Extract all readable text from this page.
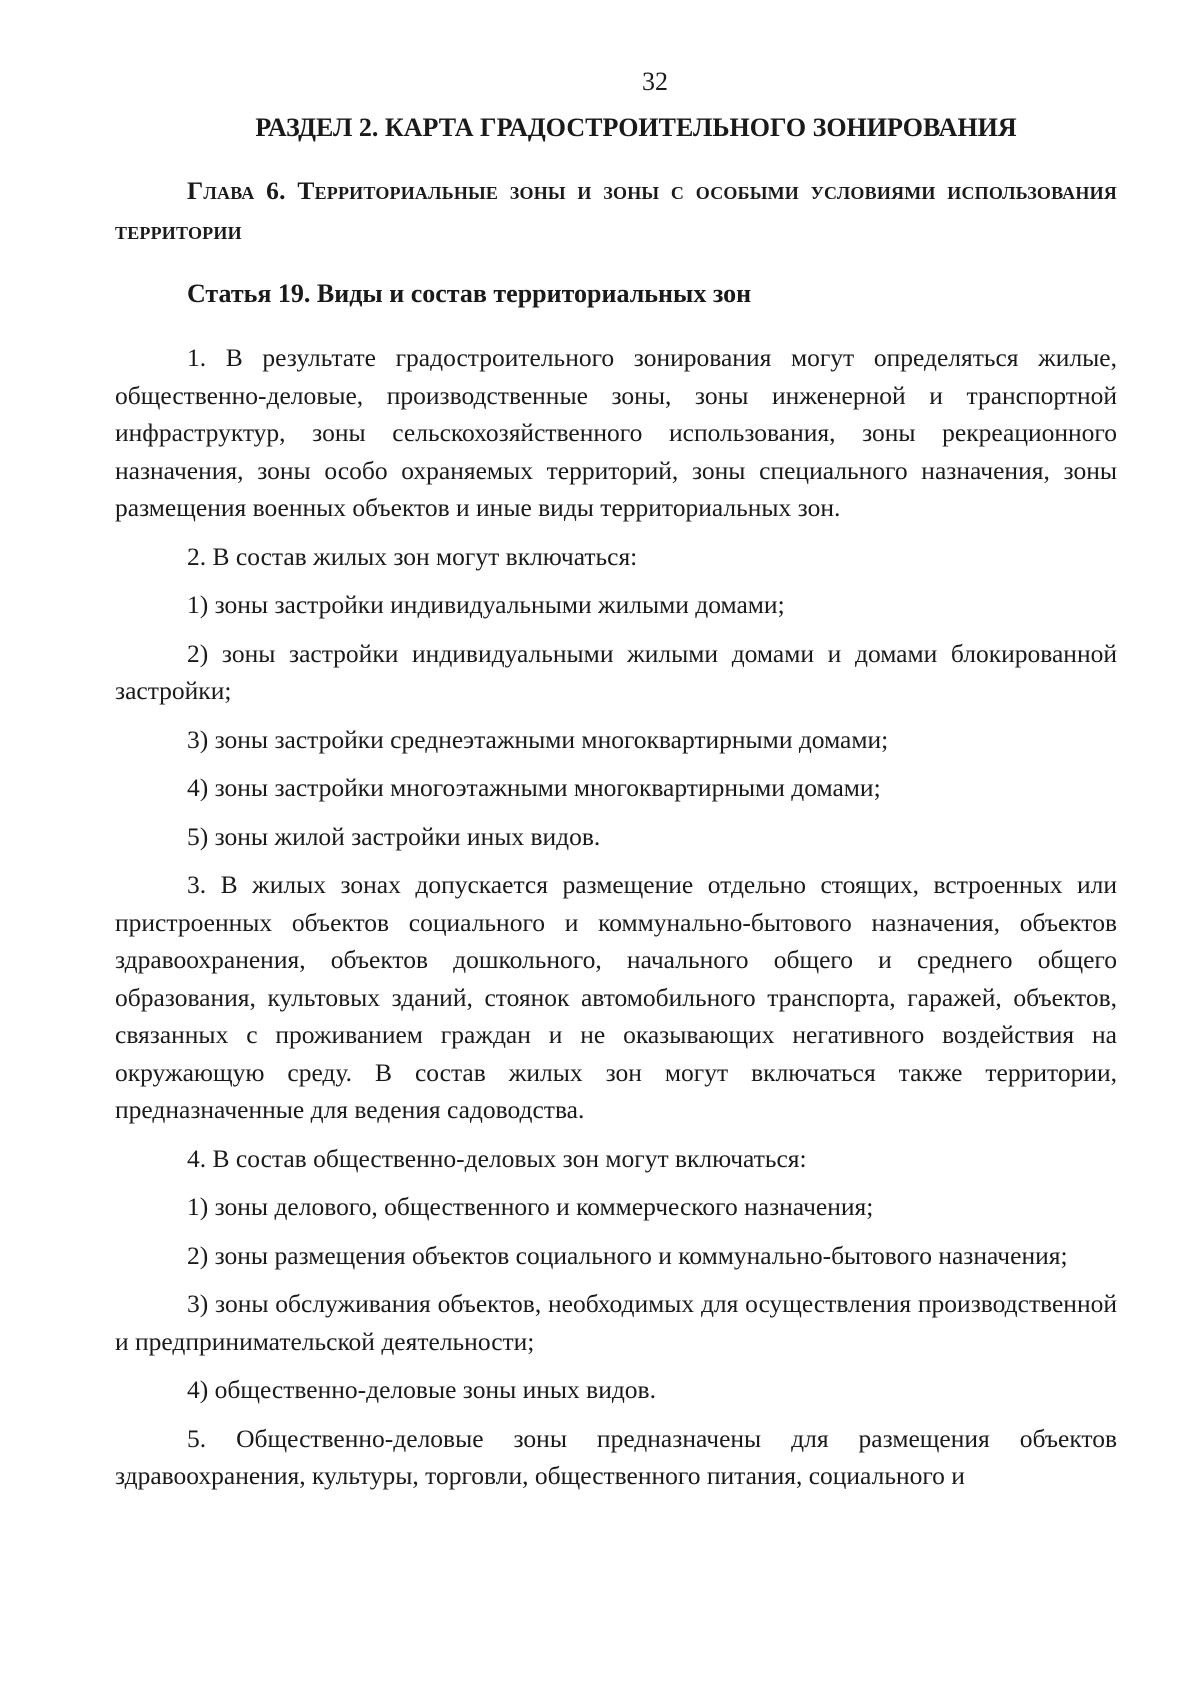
32
РАЗДЕЛ 2. КАРТА ГРАДОСТРОИТЕЛЬНОГО ЗОНИРОВАНИЯ
Глава 6. Территориальные зоны и зоны с особыми условиями использования территории
Статья 19. Виды и состав территориальных зон

1. В результате градостроительного зонирования могут определяться жилые, общественно-деловые, производственные зоны, зоны инженерной и транспортной инфраструктур, зоны сельскохозяйственного использования, зоны рекреационного назначения, зоны особо охраняемых территорий, зоны специального назначения, зоны размещения военных объектов и иные виды территориальных зон.

2. В состав жилых зон могут включаться:

1) зоны застройки индивидуальными жилыми домами;

2) зоны застройки индивидуальными жилыми домами и домами блокированной застройки;

3) зоны застройки среднеэтажными многоквартирными домами;

4) зоны застройки многоэтажными многоквартирными домами;

5) зоны жилой застройки иных видов.

3. В жилых зонах допускается размещение отдельно стоящих, встроенных или пристроенных объектов социального и коммунально-бытового назначения, объектов здравоохранения, объектов дошкольного, начального общего и среднего общего образования, культовых зданий, стоянок автомобильного транспорта, гаражей, объектов, связанных с проживанием граждан и не оказывающих негативного воздействия на окружающую среду. В состав жилых зон могут включаться также территории, предназначенные для ведения садоводства.

4. В состав общественно-деловых зон могут включаться:

1) зоны делового, общественного и коммерческого назначения;

2) зоны размещения объектов социального и коммунально-бытового назначения;

3) зоны обслуживания объектов, необходимых для осуществления производственной и предпринимательской деятельности;

4) общественно-деловые зоны иных видов.

5. Общественно-деловые зоны предназначены для размещения объектов здравоохранения, культуры, торговли, общественного питания, социального и
